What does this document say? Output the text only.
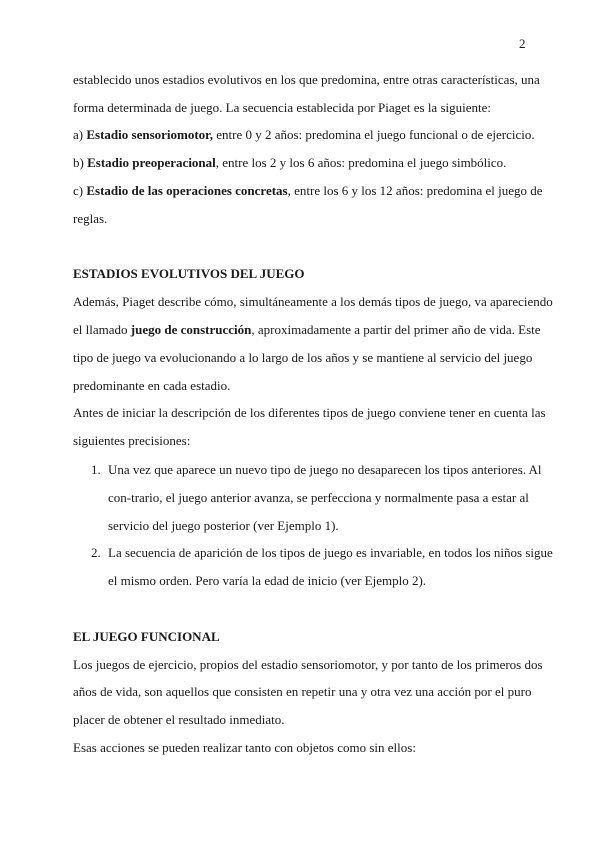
2
establecido unos estadios evolutivos en los que predomina, entre otras características, una
forma determinada de juego. La secuencia establecida por Piaget es la siguiente:
a) Estadio sensoriomotor, entre 0 y 2 años: predomina el juego funcional o de ejercicio.
b) Estadio preoperacional, entre los 2 y los 6 años: predomina el juego simbólico.
c) Estadio de las operaciones concretas, entre los 6 y los 12 años: predomina el juego de
reglas.
ESTADIOS EVOLUTIVOS DEL JUEGO
Además, Piaget describe cómo, simultáneamente a los demás tipos de juego, va apareciendo
el llamado juego de construcción, aproximadamente a partir del primer año de vida. Este
tipo de juego va evolucionando a lo largo de los años y se mantiene al servicio del juego
predominante en cada estadio.
Antes de iniciar la descripción de los diferentes tipos de juego conviene tener en cuenta las
siguientes precisiones:
1. Una vez que aparece un nuevo tipo de juego no desaparecen los tipos anteriores. Al
con-trario, el juego anterior avanza, se perfecciona y normalmente pasa a estar al
servicio del juego posterior (ver Ejemplo 1).
2. La secuencia de aparición de los tipos de juego es invariable, en todos los niños sigue
el mismo orden. Pero varía la edad de inicio (ver Ejemplo 2).
EL JUEGO FUNCIONAL
Los juegos de ejercicio, propios del estadio sensoriomotor, y por tanto de los primeros dos
años de vida, son aquellos que consisten en repetir una y otra vez una acción por el puro
placer de obtener el resultado inmediato.
Esas acciones se pueden realizar tanto con objetos como sin ellos:
